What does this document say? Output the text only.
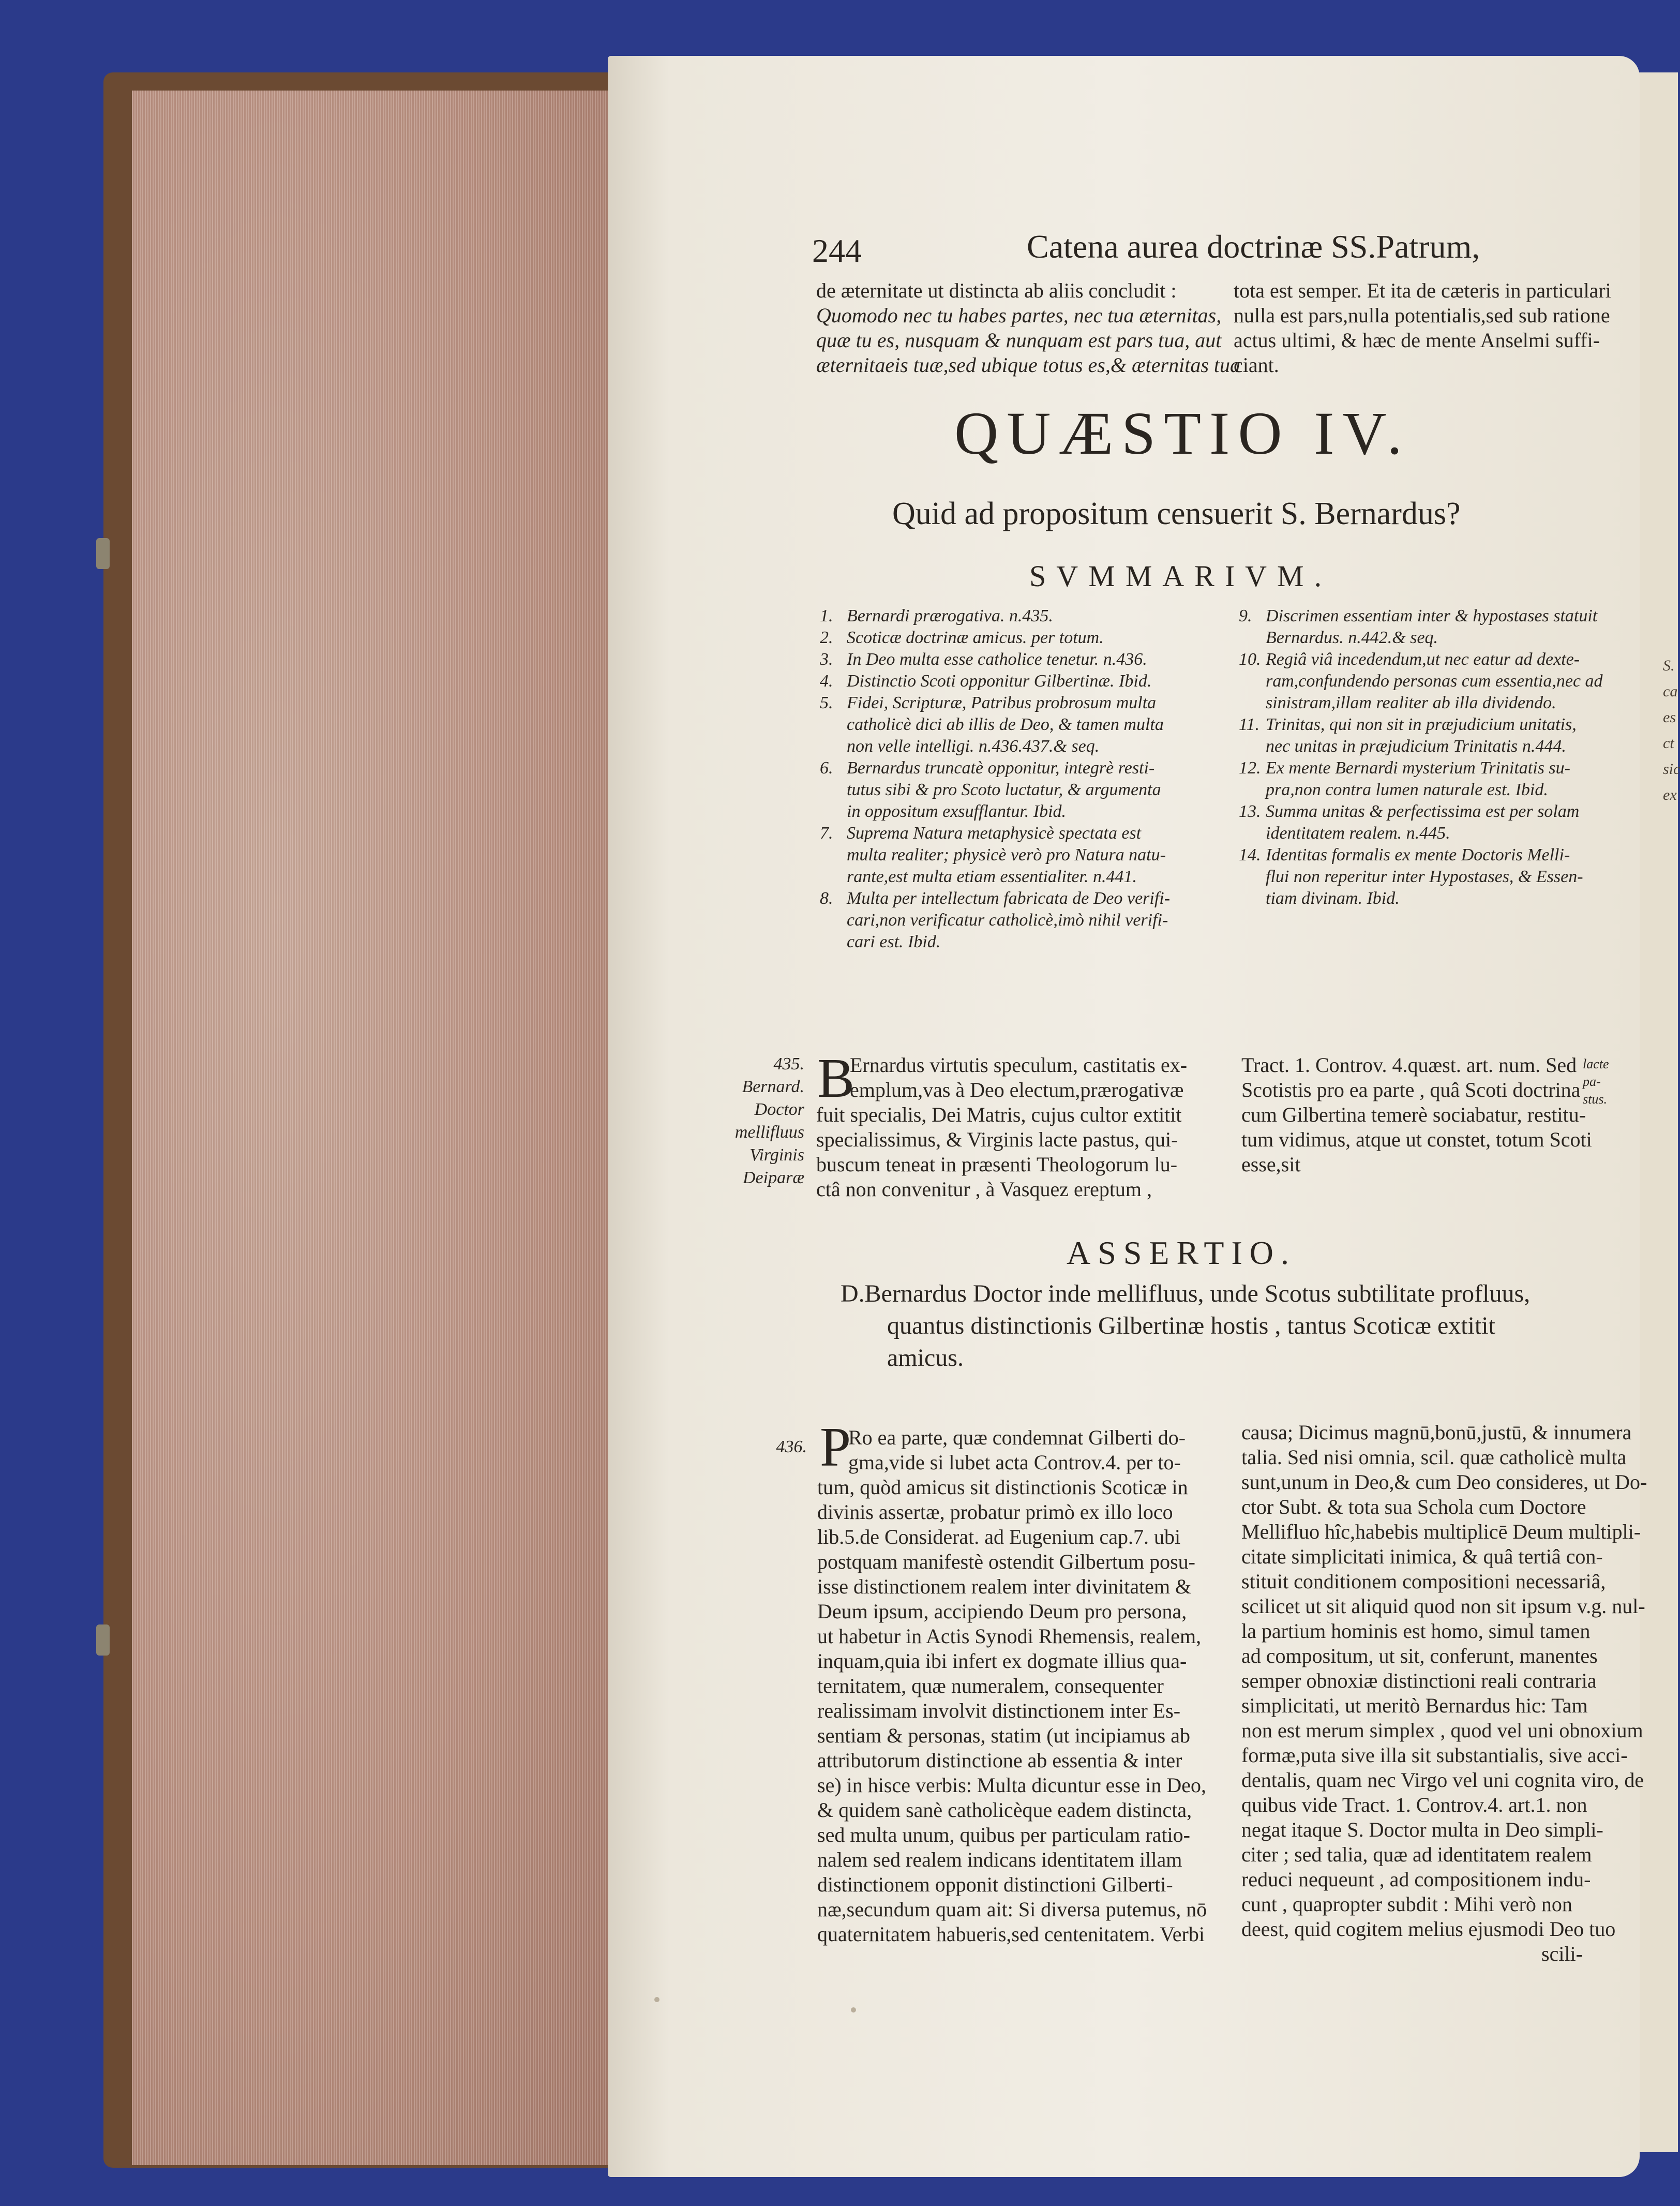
S.
ca
es
ct
sic
ex
244	Catena aurea doctrinæ SS.Patrum,
de æternitate ut distincta ab aliis concludit :
Quomodo nec tu habes partes, nec tua æternitas,
quæ tu es, nusquam & nunquam est pars tua, aut
æternitaeis tuæ,sed ubique totus es,& æternitas tua
tota est semper. Et ita de cæteris in particulari
nulla est pars,nulla potentialis,sed sub ratione
actus ultimi, & hæc de mente Anselmi suffi-
ciant.
QUÆSTIO IV.
Quid ad propositum censuerit S. Bernardus?
SVMMARIVM.
1. Bernardi prærogativa. n.435.
2. Scoticæ doctrinæ amicus. per totum.
3. In Deo multa esse catholice tenetur. n.436.
4. Distinctio Scoti opponitur Gilbertinæ. Ibid.
5. Fidei, Scripturæ, Patribus probrosum multa
catholicè dici ab illis de Deo, & tamen multa
non velle intelligi. n.436.437.& seq.
6. Bernardus truncatè opponitur, integrè resti-
tutus sibi & pro Scoto luctatur, & argumenta
in oppositum exsufflantur. Ibid.
7. Suprema Natura metaphysicè spectata est
multa realiter; physicè verò pro Natura natu-
rante,est multa etiam essentialiter. n.441.
8. Multa per intellectum fabricata de Deo verifi-
cari,non verificatur catholicè,imò nihil verifi-
cari est. Ibid.
9. Discrimen essentiam inter & hypostases statuit
Bernardus. n.442.& seq.
10. Regiâ viâ incedendum,ut nec eatur ad dexte-
ram,confundendo personas cum essentia,nec ad
sinistram,illam realiter ab illa dividendo.
11. Trinitas, qui non sit in præjudicium unitatis,
nec unitas in præjudicium Trinitatis n.444.
12. Ex mente Bernardi mysterium Trinitatis su-
pra,non contra lumen naturale est. Ibid.
13. Summa unitas & perfectissima est per solam
identitatem realem. n.445.
14. Identitas formalis ex mente Doctoris Melli-
flui non reperitur inter Hypostases, & Essen-
tiam divinam. Ibid.
435.
Bernard.
Doctor
mellifluus
Virginis
Deiparæ
B
Ernardus virtutis speculum, castitatis ex-
emplum,vas à Deo electum,prærogativæ
fuit specialis, Dei Matris, cujus cultor extitit
specialissimus, & Virginis lacte pastus, qui-
buscum teneat in præsenti Theologorum lu-
ctâ non convenitur , à Vasquez ereptum ,
Tract. 1. Controv. 4.quæst. art. num. Sed
Scotistis pro ea parte , quâ Scoti doctrina
cum Gilbertina temerè sociabatur, restitu-
tum vidimus, atque ut constet, totum Scoti
esse,sit
lacte pa-
stus.
ASSERTIO.
D.Bernardus Doctor inde mellifluus, unde Scotus subtilitate profluus,
quantus distinctionis Gilbertinæ hostis , tantus Scoticæ extitit
amicus.
436. P
Ro ea parte, quæ condemnat Gilberti do-
gma,vide si lubet acta Controv.4. per to-
tum, quòd amicus sit distinctionis Scoticæ in
divinis assertæ, probatur primò ex illo loco
lib.5.de Considerat. ad Eugenium cap.7. ubi
postquam manifestè ostendit Gilbertum posu-
isse distinctionem realem inter divinitatem &
Deum ipsum, accipiendo Deum pro persona,
ut habetur in Actis Synodi Rhemensis, realem,
inquam,quia ibi infert ex dogmate illius qua-
ternitatem, quæ numeralem, consequenter
realissimam involvit distinctionem inter Es-
sentiam & personas, statim (ut incipiamus ab
attributorum distinctione ab essentia & inter
se) in hisce verbis: Multa dicuntur esse in Deo,
& quidem sanè catholicèque eadem distincta,
sed multa unum, quibus per particulam ratio-
nalem sed realem indicans identitatem illam
distinctionem opponit distinctioni Gilberti-
næ,secundum quam ait: Si diversa putemus, nō
quaternitatem habueris,sed centenitatem. Verbi
causa; Dicimus magnū,bonū,justū, & innumera
talia. Sed nisi omnia, scil. quæ catholicè multa
sunt,unum in Deo,& cum Deo consideres, ut Do-
ctor Subt. & tota sua Schola cum Doctore
Mellifluo hîc,habebis multiplicē Deum multipli-
citate simplicitati inimica, & quâ tertiâ con-
stituit conditionem compositioni necessariâ,
scilicet ut sit aliquid quod non sit ipsum v.g. nul-
la partium hominis est homo, simul tamen
ad compositum, ut sit, conferunt, manentes
semper obnoxiæ distinctioni reali contraria
simplicitati, ut meritò Bernardus hic: Tam
non est merum simplex , quod vel uni obnoxium
formæ,puta sive illa sit substantialis, sive acci-
dentalis, quam nec Virgo vel uni cognita viro, de
quibus vide Tract. 1. Controv.4. art.1. non
negat itaque S. Doctor multa in Deo simpli-
citer ; sed talia, quæ ad identitatem realem
reduci nequeunt , ad compositionem indu-
cunt , quapropter subdit : Mihi verò non
deest, quid cogitem melius ejusmodi Deo tuo
scili-
